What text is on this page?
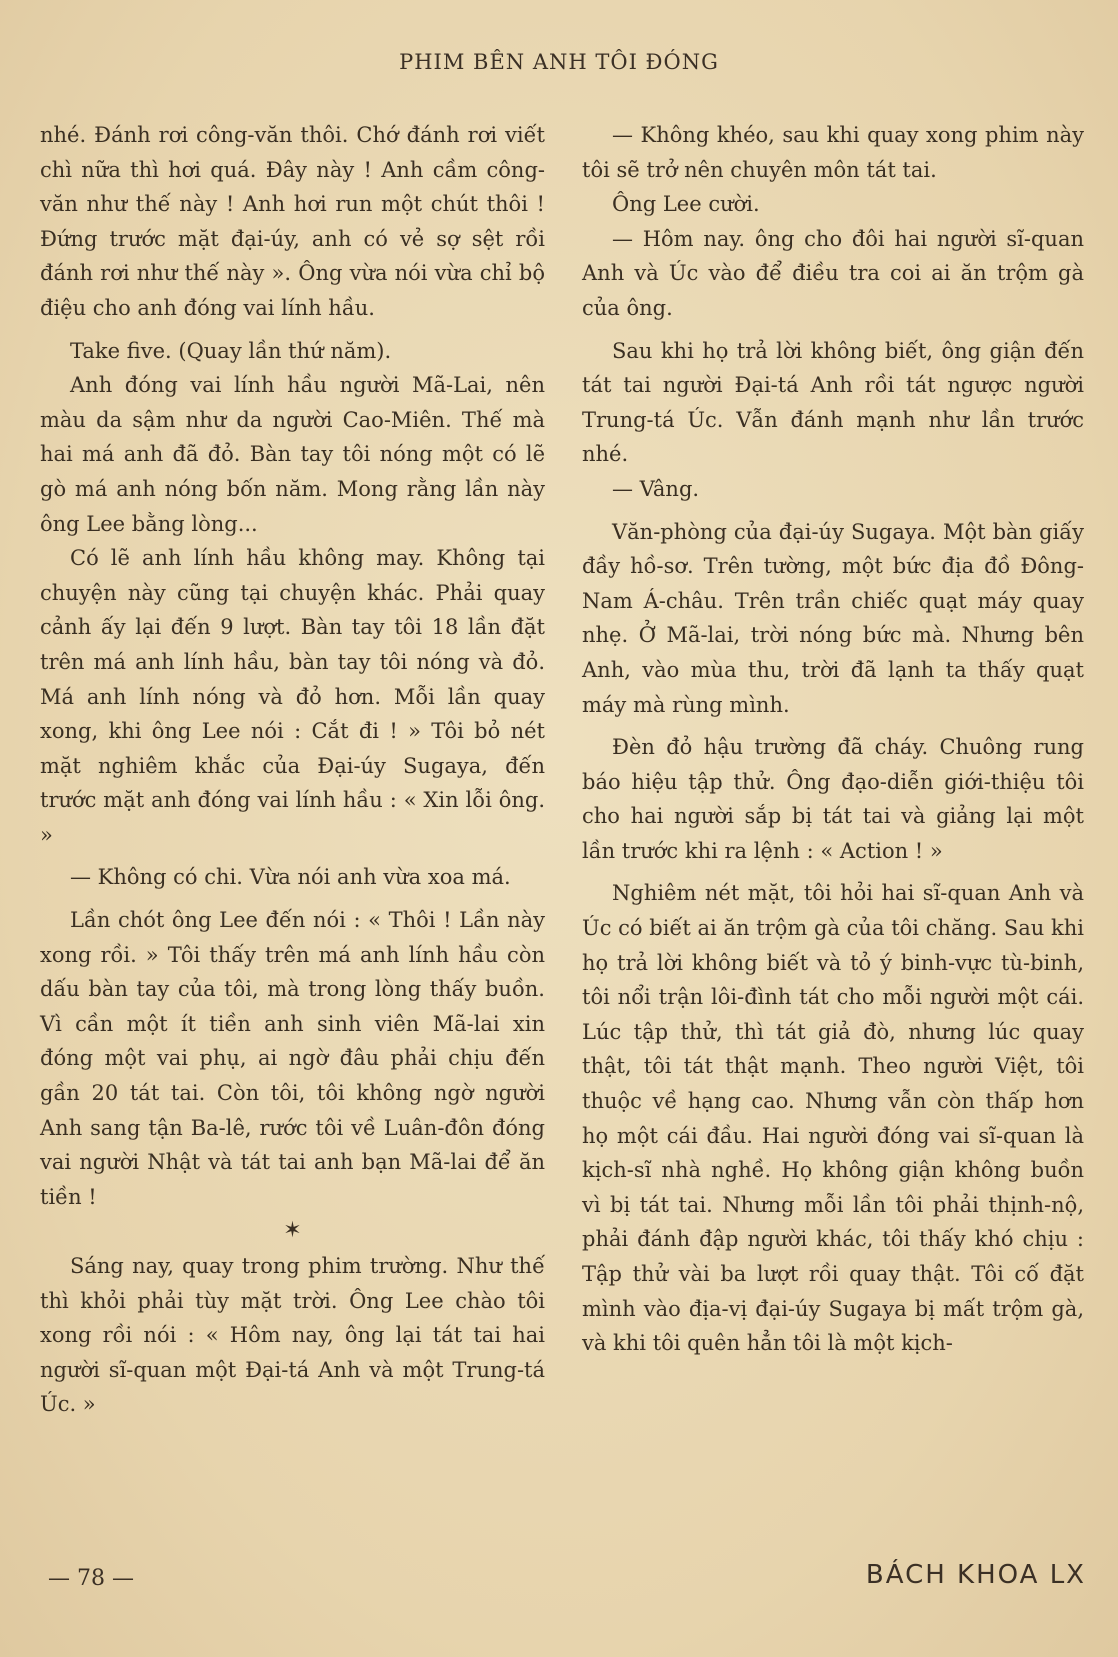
PHIM BÊN ANH TÔI ĐÓNG

nhé. Đánh rơi công-văn thôi. Chớ đánh rơi viết chì nữa thì hơi quá. Đây này ! Anh cầm công-văn như thế này ! Anh hơi run một chút thôi ! Đứng trước mặt đại-úy, anh có vẻ sợ sệt rồi đánh rơi như thế này ». Ông vừa nói vừa chỉ bộ điệu cho anh đóng vai lính hầu.

Take five. (Quay lần thứ năm).

Anh đóng vai lính hầu người Mã-Lai, nên màu da sậm như da người Cao-Miên. Thế mà hai má anh đã đỏ. Bàn tay tôi nóng một có lẽ gò má anh nóng bốn năm. Mong rằng lần này ông Lee bằng lòng...

Có lẽ anh lính hầu không may. Không tại chuyện này cũng tại chuyện khác. Phải quay cảnh ấy lại đến 9 lượt. Bàn tay tôi 18 lần đặt trên má anh lính hầu, bàn tay tôi nóng và đỏ. Má anh lính nóng và đỏ hơn. Mỗi lần quay xong, khi ông Lee nói : Cắt đi ! » Tôi bỏ nét mặt nghiêm khắc của Đại-úy Sugaya, đến trước mặt anh đóng vai lính hầu : « Xin lỗi ông. »

— Không có chi. Vừa nói anh vừa xoa má.

Lần chót ông Lee đến nói : « Thôi ! Lần này xong rồi. » Tôi thấy trên má anh lính hầu còn dấu bàn tay của tôi, mà trong lòng thấy buồn. Vì cần một ít tiền anh sinh viên Mã-lai xin đóng một vai phụ, ai ngờ đâu phải chịu đến gần 20 tát tai. Còn tôi, tôi không ngờ người Anh sang tận Ba-lê, rước tôi về Luân-đôn đóng vai người Nhật và tát tai anh bạn Mã-lai để ăn tiền !

✶

Sáng nay, quay trong phim trường. Như thế thì khỏi phải tùy mặt trời. Ông Lee chào tôi xong rồi nói : « Hôm nay, ông lại tát tai hai người sĩ-quan một Đại-tá Anh và một Trung-tá Úc. »

— Không khéo, sau khi quay xong phim này tôi sẽ trở nên chuyên môn tát tai.

Ông Lee cười.

— Hôm nay. ông cho đôi hai người sĩ-quan Anh và Úc vào để điều tra coi ai ăn trộm gà của ông.

Sau khi họ trả lời không biết, ông giận đến tát tai người Đại-tá Anh rồi tát ngược người Trung-tá Úc. Vẫn đánh mạnh như lần trước nhé.

— Vâng.

Văn-phòng của đại-úy Sugaya. Một bàn giấy đầy hồ-sơ. Trên tường, một bức địa đồ Đông-Nam Á-châu. Trên trần chiếc quạt máy quay nhẹ. Ở Mã-lai, trời nóng bức mà. Nhưng bên Anh, vào mùa thu, trời đã lạnh ta thấy quạt máy mà rùng mình.

Đèn đỏ hậu trường đã cháy. Chuông rung báo hiệu tập thử. Ông đạo-diễn giới-thiệu tôi cho hai người sắp bị tát tai và giảng lại một lần trước khi ra lệnh : « Action ! »

Nghiêm nét mặt, tôi hỏi hai sĩ-quan Anh và Úc có biết ai ăn trộm gà của tôi chăng. Sau khi họ trả lời không biết và tỏ ý binh-vực tù-binh, tôi nổi trận lôi-đình tát cho mỗi người một cái. Lúc tập thử, thì tát giả đò, nhưng lúc quay thật, tôi tát thật mạnh. Theo người Việt, tôi thuộc về hạng cao. Nhưng vẫn còn thấp hơn họ một cái đầu. Hai người đóng vai sĩ-quan là kịch-sĩ nhà nghề. Họ không giận không buồn vì bị tát tai. Nhưng mỗi lần tôi phải thịnh-nộ, phải đánh đập người khác, tôi thấy khó chịu : Tập thử vài ba lượt rồi quay thật. Tôi cố đặt mình vào địa-vị đại-úy Sugaya bị mất trộm gà, và khi tôi quên hẳn tôi là một kịch-

— 78 —	BÁCH KHOA LX
